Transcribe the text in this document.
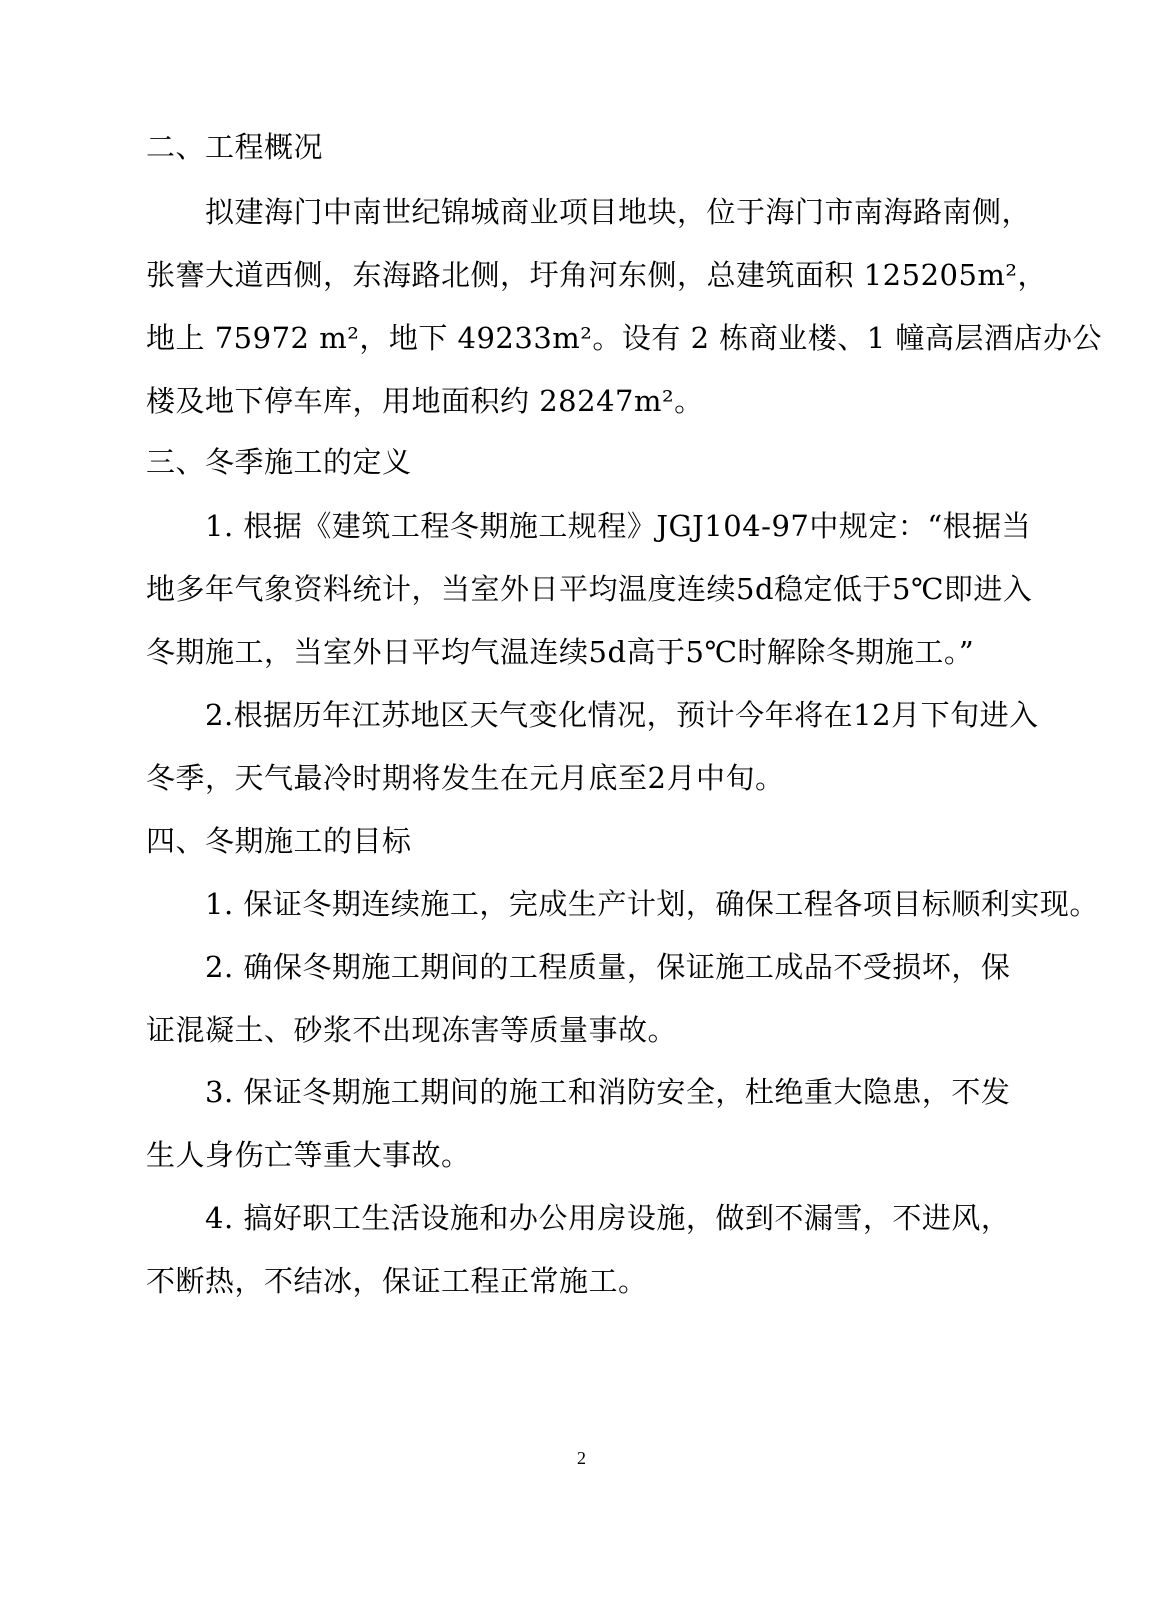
二、工程概况
拟建海门中南世纪锦城商业项目地块，位于海门市南海路南侧，
张謇大道西侧，东海路北侧，圩角河东侧，总建筑面积 125205m²，
地上 75972 m²，地下 49233m²。设有 2 栋商业楼、1 幢高层酒店办公
楼及地下停车库，用地面积约 28247m²。
三、冬季施工的定义
1. 根据《建筑工程冬期施工规程》JGJ104-97中规定：“根据当
地多年气象资料统计，当室外日平均温度连续5d稳定低于5℃即进入
冬期施工，当室外日平均气温连续5d高于5℃时解除冬期施工。”
2.根据历年江苏地区天气变化情况，预计今年将在12月下旬进入
冬季，天气最冷时期将发生在元月底至2月中旬。
四、冬期施工的目标
1. 保证冬期连续施工，完成生产计划，确保工程各项目标顺利实现。
2. 确保冬期施工期间的工程质量，保证施工成品不受损坏，保
证混凝土、砂浆不出现冻害等质量事故。
3. 保证冬期施工期间的施工和消防安全，杜绝重大隐患，不发
生人身伤亡等重大事故。
4. 搞好职工生活设施和办公用房设施，做到不漏雪，不进风，
不断热，不结冰，保证工程正常施工。
2
